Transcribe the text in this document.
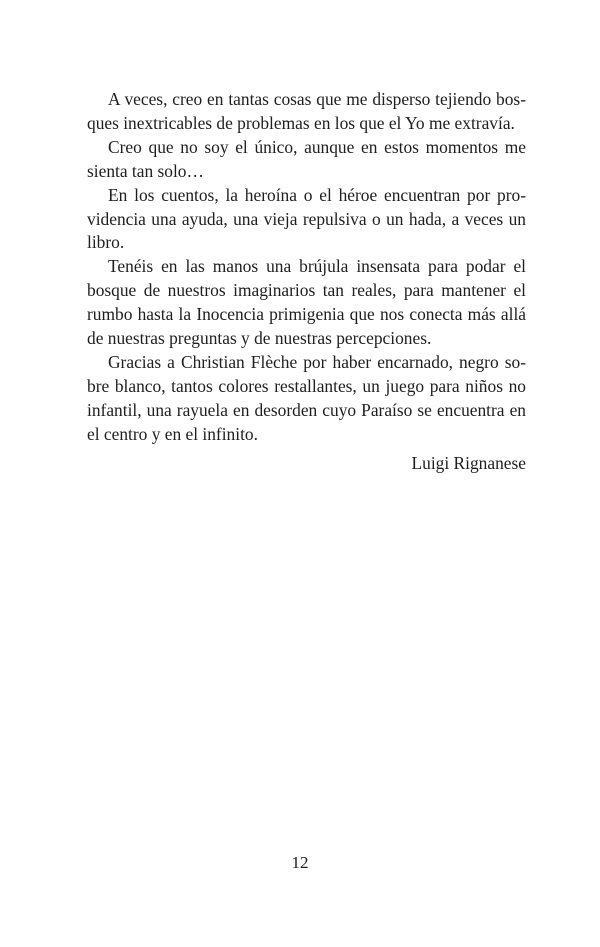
A veces, creo en tantas cosas que me disperso tejiendo bosques inextricables de problemas en los que el Yo me extravía.

Creo que no soy el único, aunque en estos momentos me sienta tan solo…

En los cuentos, la heroína o el héroe encuentran por providencia una ayuda, una vieja repulsiva o un hada, a veces un libro.

Tenéis en las manos una brújula insensata para podar el bosque de nuestros imaginarios tan reales, para mantener el rumbo hasta la Inocencia primigenia que nos conecta más allá de nuestras preguntas y de nuestras percepciones.

Gracias a Christian Flèche por haber encarnado, negro sobre blanco, tantos colores restallantes, un juego para niños no infantil, una rayuela en desorden cuyo Paraíso se encuentra en el centro y en el infinito.

Luigi Rignanese
12
